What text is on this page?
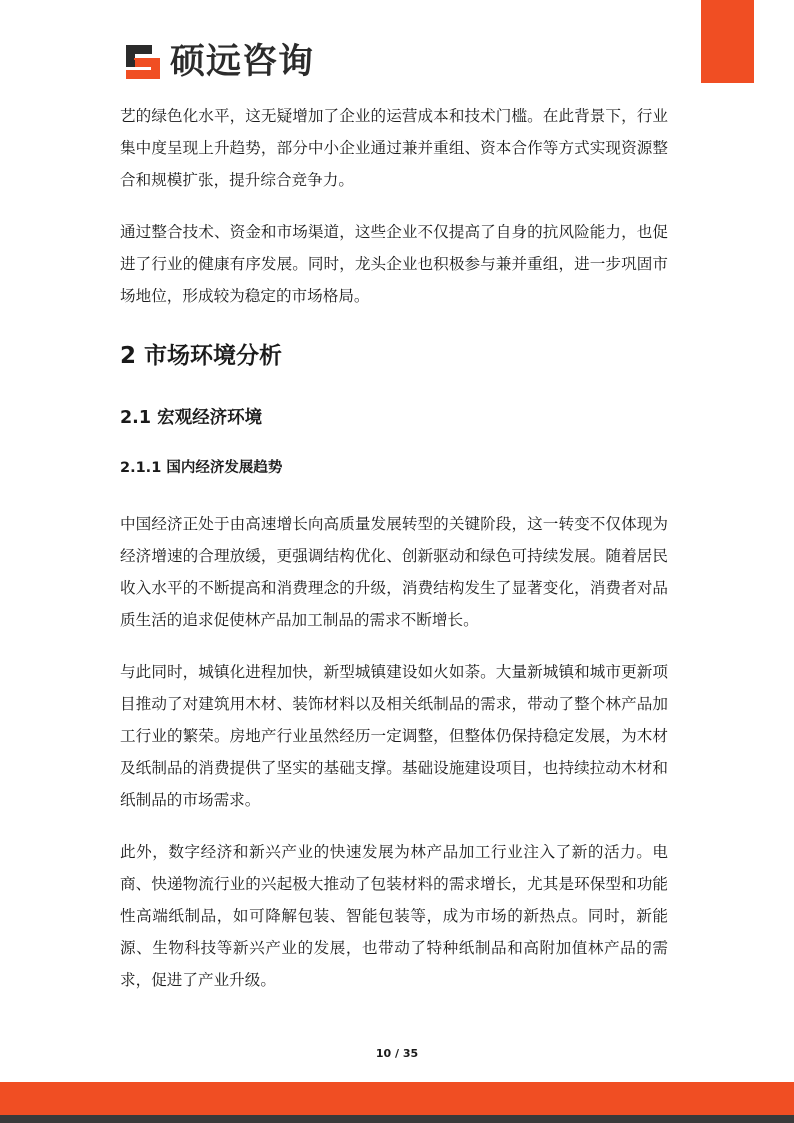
硕远咨询

艺的绿色化水平，这无疑增加了企业的运营成本和技术门槛。在此背景下，行业集中度呈现上升趋势，部分中小企业通过兼并重组、资本合作等方式实现资源整合和规模扩张，提升综合竞争力。

通过整合技术、资金和市场渠道，这些企业不仅提高了自身的抗风险能力，也促进了行业的健康有序发展。同时，龙头企业也积极参与兼并重组，进一步巩固市场地位，形成较为稳定的市场格局。

2 市场环境分析
2.1 宏观经济环境
2.1.1 国内经济发展趋势

中国经济正处于由高速增长向高质量发展转型的关键阶段，这一转变不仅体现为经济增速的合理放缓，更强调结构优化、创新驱动和绿色可持续发展。随着居民收入水平的不断提高和消费理念的升级，消费结构发生了显著变化，消费者对品质生活的追求促使林产品加工制品的需求不断增长。

与此同时，城镇化进程加快，新型城镇建设如火如荼。大量新城镇和城市更新项目推动了对建筑用木材、装饰材料以及相关纸制品的需求，带动了整个林产品加工行业的繁荣。房地产行业虽然经历一定调整，但整体仍保持稳定发展，为木材及纸制品的消费提供了坚实的基础支撑。基础设施建设项目，也持续拉动木材和纸制品的市场需求。

此外，数字经济和新兴产业的快速发展为林产品加工行业注入了新的活力。电商、快递物流行业的兴起极大推动了包装材料的需求增长，尤其是环保型和功能性高端纸制品，如可降解包装、智能包装等，成为市场的新热点。同时，新能源、生物科技等新兴产业的发展，也带动了特种纸制品和高附加值林产品的需求，促进了产业升级。

10 / 35
